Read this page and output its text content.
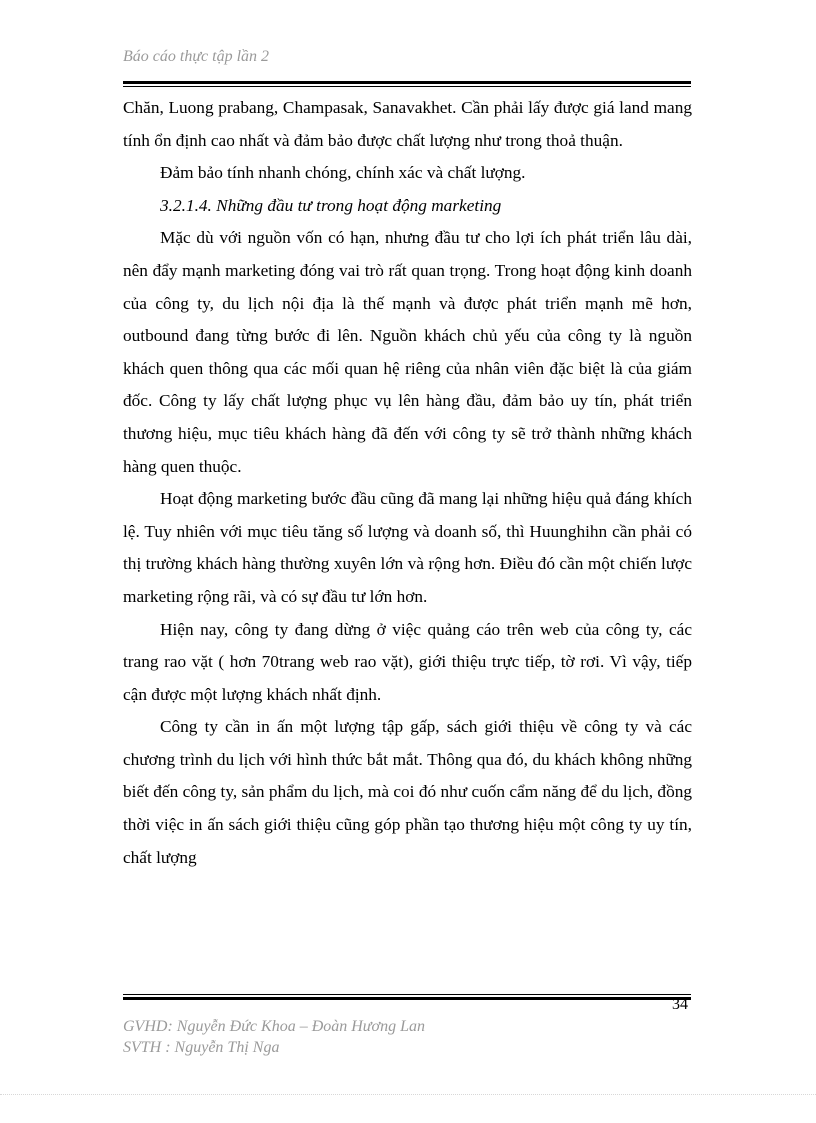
Báo cáo thực tập lần 2

Chăn, Luong prabang, Champasak, Sanavakhet. Cần phải lấy được giá land mang tính ổn định cao nhất và đảm bảo được chất lượng như trong thoả thuận.

Đảm bảo tính nhanh chóng, chính xác và chất lượng.

3.2.1.4. Những đầu tư trong hoạt động marketing

Mặc dù với nguồn vốn có hạn, nhưng đầu tư cho lợi ích phát triển lâu dài, nên đẩy mạnh marketing đóng vai trò rất quan trọng. Trong hoạt động kinh doanh của công ty, du lịch nội địa là thế mạnh và được phát triển mạnh mẽ hơn, outbound đang từng bước đi lên. Nguồn khách chủ yếu của công ty là nguồn khách quen thông qua các mối quan hệ riêng của nhân viên đặc biệt là của giám đốc. Công ty lấy chất lượng phục vụ lên hàng đầu, đảm bảo uy tín, phát triển thương hiệu, mục tiêu khách hàng đã đến với công ty sẽ trở thành những khách hàng quen thuộc.

Hoạt động marketing bước đầu cũng đã mang lại những hiệu quả đáng khích lệ. Tuy nhiên với mục tiêu tăng số lượng và doanh số, thì Huunghihn cần phải có thị trường khách hàng thường xuyên lớn và rộng hơn. Điều đó cần một chiến lược marketing rộng rãi, và có sự đầu tư lớn hơn.

Hiện nay, công ty đang dừng ở việc quảng cáo trên web của công ty, các trang rao vặt ( hơn 70trang web rao vặt), giới thiệu trực tiếp, tờ rơi. Vì vậy, tiếp cận được một lượng khách nhất định.

Công ty cần in ấn một lượng tập gấp, sách giới thiệu về công ty và các chương trình du lịch với hình thức bắt mắt. Thông qua đó, du khách không những biết đến công ty, sản phẩm du lịch, mà coi đó như cuốn cẩm năng để du lịch, đồng thời việc in ấn sách giới thiệu cũng góp phần tạo thương hiệu một công ty uy tín, chất lượng

34
GVHD: Nguyễn Đức Khoa – Đoàn Hương Lan
SVTH : Nguyễn Thị Nga
